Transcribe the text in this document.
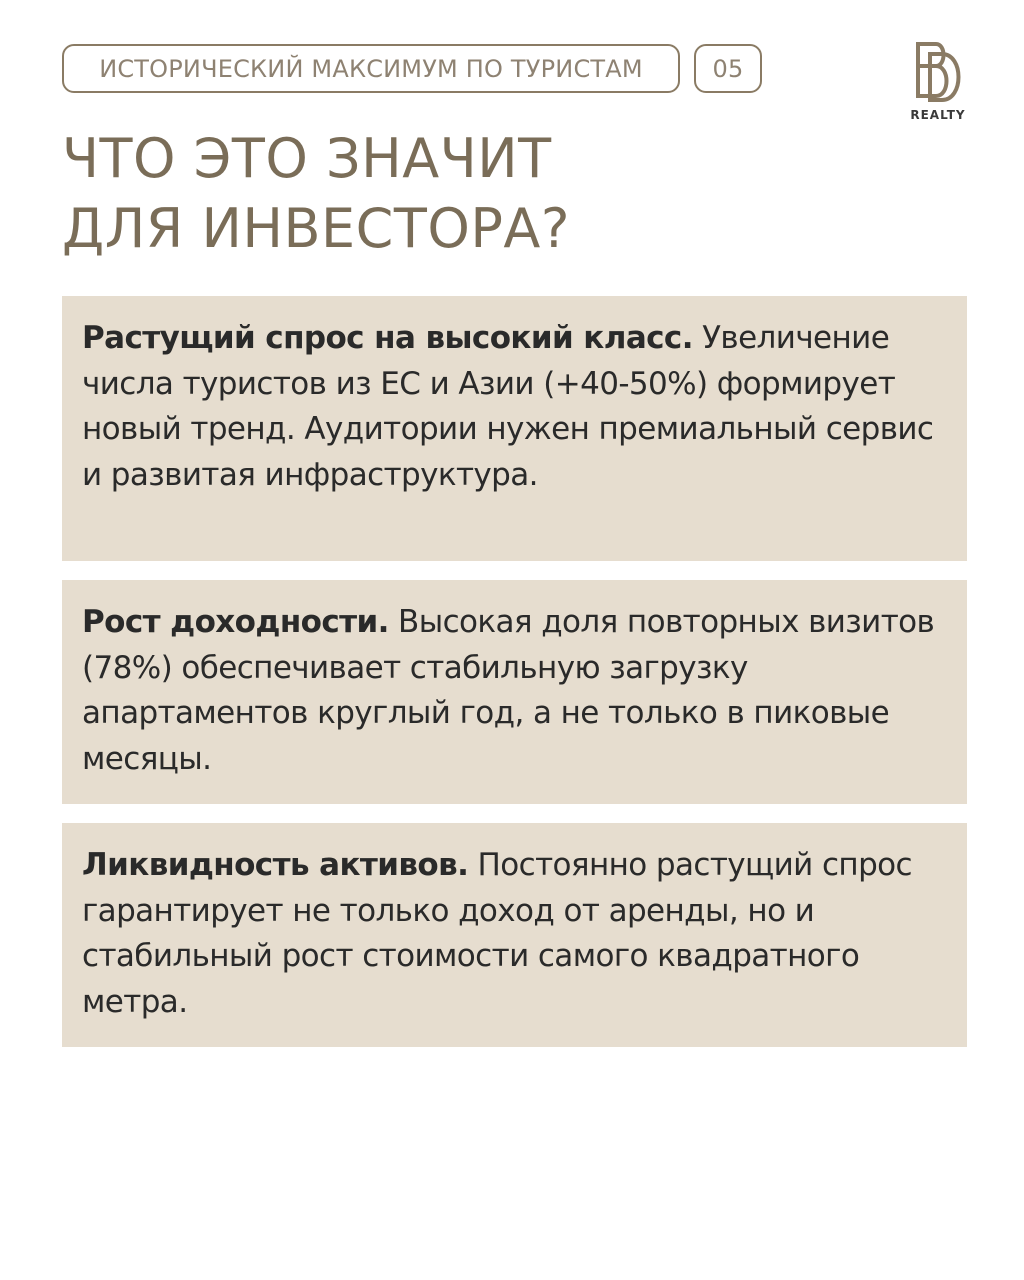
ИСТОРИЧЕСКИЙ МАКСИМУМ ПО ТУРИСТАМ	05
REALTY
ЧТО ЭТО ЗНАЧИТ
ДЛЯ ИНВЕСТОРА?
Растущий спрос на высокий класс. Увеличение числа туристов из ЕС и Азии (+40-50%) формирует новый тренд. Аудитории нужен премиальный сервис и развитая инфраструктура.
Рост доходности. Высокая доля повторных визитов (78%) обеспечивает стабильную загрузку апартаментов круглый год, а не только в пиковые месяцы.
Ликвидность активов. Постоянно растущий спрос гарантирует не только доход от аренды, но и стабильный рост стоимости самого квадратного метра.
